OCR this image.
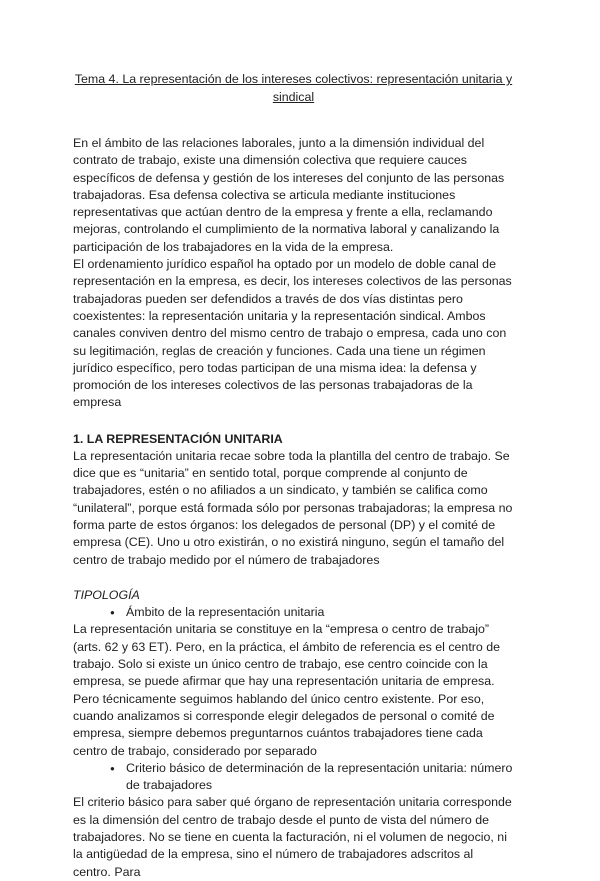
Tema 4. La representación de los intereses colectivos: representación unitaria y sindical

En el ámbito de las relaciones laborales, junto a la dimensión individual del contrato de trabajo, existe una dimensión colectiva que requiere cauces específicos de defensa y gestión de los intereses del conjunto de las personas trabajadoras. Esa defensa colectiva se articula mediante instituciones representativas que actúan dentro de la empresa y frente a ella, reclamando mejoras, controlando el cumplimiento de la normativa laboral y canalizando la participación de los trabajadores en la vida de la empresa.

El ordenamiento jurídico español ha optado por un modelo de doble canal de representación en la empresa, es decir, los intereses colectivos de las personas trabajadoras pueden ser defendidos a través de dos vías distintas pero coexistentes: la representación unitaria y la representación sindical. Ambos canales conviven dentro del mismo centro de trabajo o empresa, cada uno con su legitimación, reglas de creación y funciones. Cada una tiene un régimen jurídico específico, pero todas participan de una misma idea: la defensa y promoción de los intereses colectivos de las personas trabajadoras de la empresa

1. LA REPRESENTACIÓN UNITARIA

La representación unitaria recae sobre toda la plantilla del centro de trabajo. Se dice que es “unitaria” en sentido total, porque comprende al conjunto de trabajadores, estén o no afiliados a un sindicato, y también se califica como “unilateral”, porque está formada sólo por personas trabajadoras; la empresa no forma parte de estos órganos: los delegados de personal (DP) y el comité de empresa (CE). Uno u otro existirán, o no existirá ninguno, según el tamaño del centro de trabajo medido por el número de trabajadores

TIPOLOGÍA
● Ámbito de la representación unitaria

La representación unitaria se constituye en la “empresa o centro de trabajo” (arts. 62 y 63 ET). Pero, en la práctica, el ámbito de referencia es el centro de trabajo. Solo si existe un único centro de trabajo, ese centro coincide con la empresa, se puede afirmar que hay una representación unitaria de empresa. Pero técnicamente seguimos hablando del único centro existente. Por eso, cuando analizamos si corresponde elegir delegados de personal o comité de empresa, siempre debemos preguntarnos cuántos trabajadores tiene cada centro de trabajo, considerado por separado

● Criterio básico de determinación de la representación unitaria: número de trabajadores

El criterio básico para saber qué órgano de representación unitaria corresponde es la dimensión del centro de trabajo desde el punto de vista del número de trabajadores. No se tiene en cuenta la facturación, ni el volumen de negocio, ni la antigüedad de la empresa, sino el número de trabajadores adscritos al centro. Para
